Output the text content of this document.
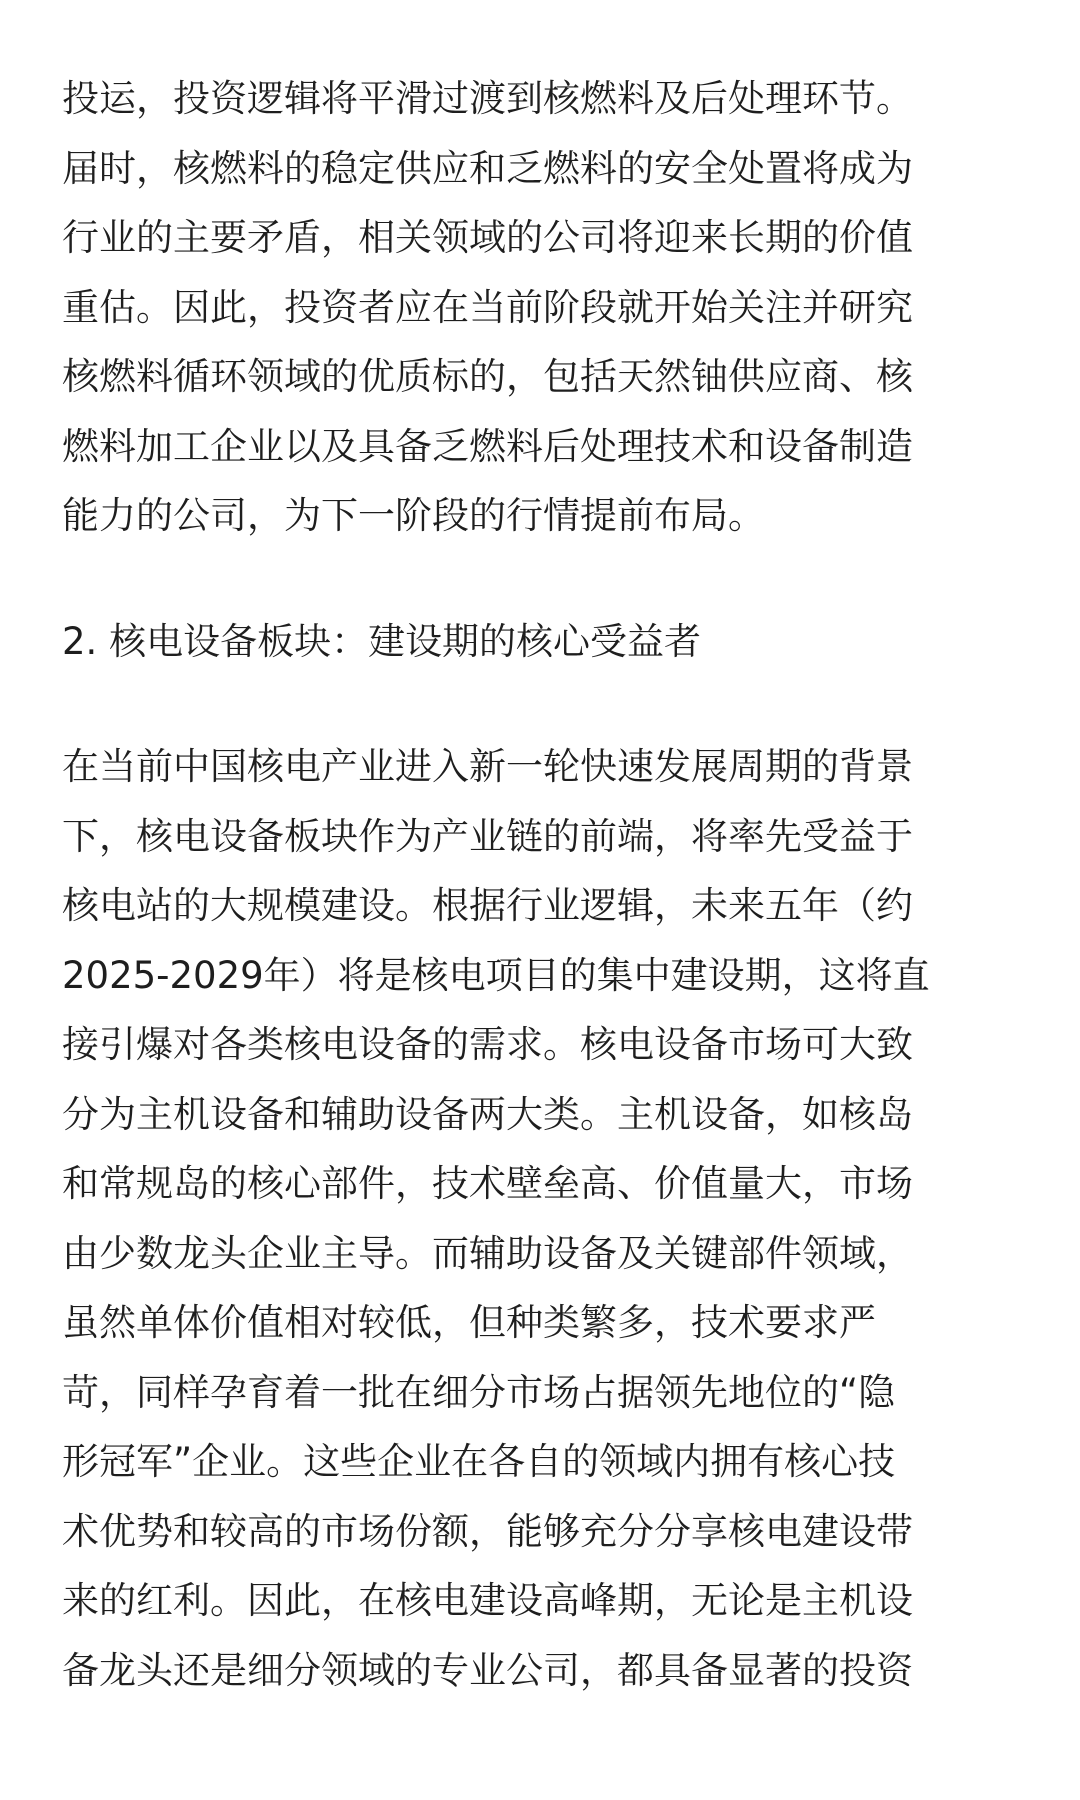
投运，投资逻辑将平滑过渡到核燃料及后处理环节。
届时，核燃料的稳定供应和乏燃料的安全处置将成为
行业的主要矛盾，相关领域的公司将迎来长期的价值
重估。因此，投资者应在当前阶段就开始关注并研究
核燃料循环领域的优质标的，包括天然铀供应商、核
燃料加工企业以及具备乏燃料后处理技术和设备制造
能力的公司，为下一阶段的行情提前布局。
2. 核电设备板块：建设期的核心受益者
在当前中国核电产业进入新一轮快速发展周期的背景
下，核电设备板块作为产业链的前端，将率先受益于
核电站的大规模建设。根据行业逻辑，未来五年（约
2025-2029年）将是核电项目的集中建设期，这将直
接引爆对各类核电设备的需求。核电设备市场可大致
分为主机设备和辅助设备两大类。主机设备，如核岛
和常规岛的核心部件，技术壁垒高、价值量大，市场
由少数龙头企业主导。而辅助设备及关键部件领域，
虽然单体价值相对较低，但种类繁多，技术要求严
苛，同样孕育着一批在细分市场占据领先地位的“隐
形冠军”企业。这些企业在各自的领域内拥有核心技
术优势和较高的市场份额，能够充分分享核电建设带
来的红利。因此，在核电建设高峰期，无论是主机设
备龙头还是细分领域的专业公司，都具备显著的投资
